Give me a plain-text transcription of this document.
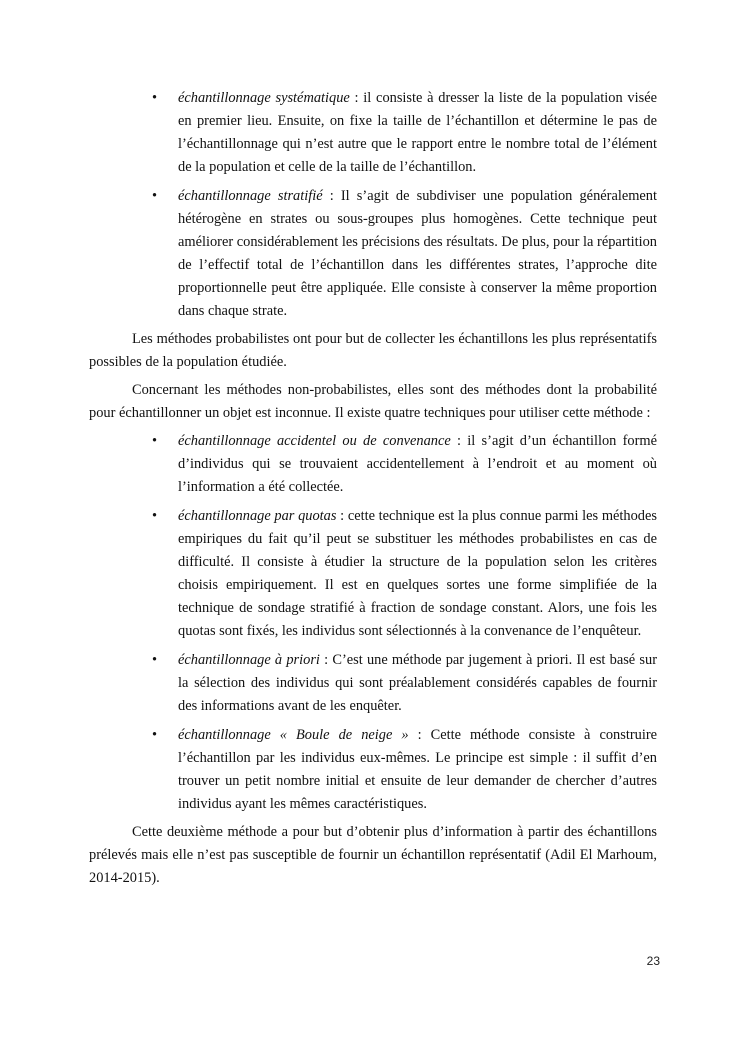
• échantillonnage systématique : il consiste à dresser la liste de la population visée en premier lieu. Ensuite, on fixe la taille de l’échantillon et détermine le pas de l’échantillonnage qui n’est autre que le rapport entre le nombre total de l’élément de la population et celle de la taille de l’échantillon.

• échantillonnage stratifié : Il s’agit de subdiviser une population généralement hétérogène en strates ou sous-groupes plus homogènes. Cette technique peut améliorer considérablement les précisions des résultats. De plus, pour la répartition de l’effectif total de l’échantillon dans les différentes strates, l’approche dite proportionnelle peut être appliquée. Elle consiste à conserver la même proportion dans chaque strate.

Les méthodes probabilistes ont pour but de collecter les échantillons les plus représentatifs possibles de la population étudiée.

Concernant les méthodes non-probabilistes, elles sont des méthodes dont la probabilité pour échantillonner un objet est inconnue. Il existe quatre techniques pour utiliser cette méthode :

• échantillonnage accidentel ou de convenance : il s’agit d’un échantillon formé d’individus qui se trouvaient accidentellement à l’endroit et au moment où l’information a été collectée.

• échantillonnage par quotas : cette technique est la plus connue parmi les méthodes empiriques du fait qu’il peut se substituer les méthodes probabilistes en cas de difficulté. Il consiste à étudier la structure de la population selon les critères choisis empiriquement. Il est en quelques sortes une forme simplifiée de la technique de sondage stratifié à fraction de sondage constant. Alors, une fois les quotas sont fixés, les individus sont sélectionnés à la convenance de l’enquêteur.

• échantillonnage à priori : C’est une méthode par jugement à priori. Il est basé sur la sélection des individus qui sont préalablement considérés capables de fournir des informations avant de les enquêter.

• échantillonnage « Boule de neige » : Cette méthode consiste à construire l’échantillon par les individus eux-mêmes. Le principe est simple : il suffit d’en trouver un petit nombre initial et ensuite de leur demander de chercher d’autres individus ayant les mêmes caractéristiques.

Cette deuxième méthode a pour but d’obtenir plus d’information à partir des échantillons prélevés mais elle n’est pas susceptible de fournir un échantillon représentatif (Adil El Marhoum, 2014-2015).

23
